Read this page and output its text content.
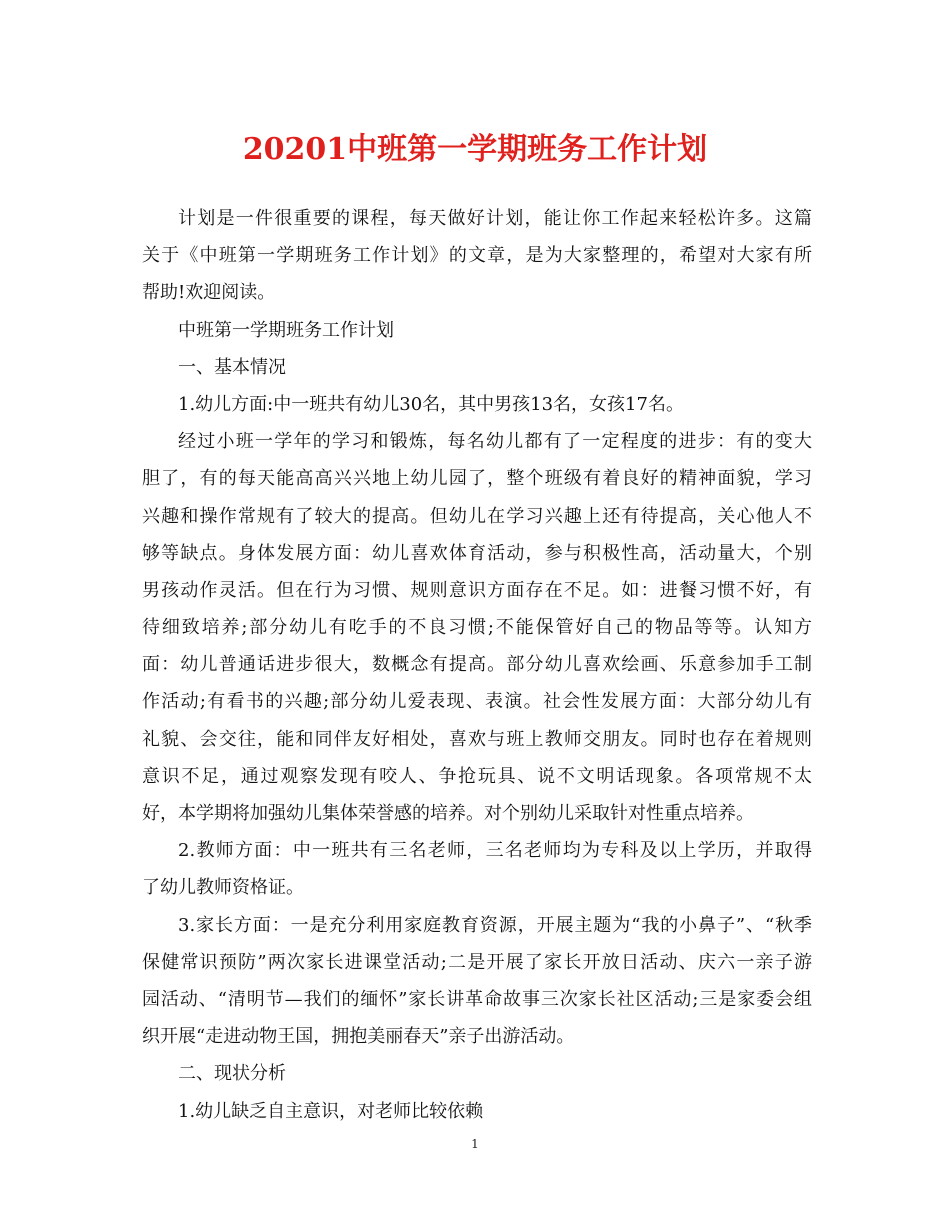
20201中班第一学期班务工作计划
计划是一件很重要的课程，每天做好计划，能让你工作起来轻松许多。这篇
关于《中班第一学期班务工作计划》的文章，是为大家整理的，希望对大家有所
帮助!欢迎阅读。
中班第一学期班务工作计划
一、基本情况
1.幼儿方面:中一班共有幼儿30名，其中男孩13名，女孩17名。
经过小班一学年的学习和锻炼，每名幼儿都有了一定程度的进步：有的变大
胆了，有的每天能高高兴兴地上幼儿园了，整个班级有着良好的精神面貌，学习
兴趣和操作常规有了较大的提高。但幼儿在学习兴趣上还有待提高，关心他人不
够等缺点。身体发展方面：幼儿喜欢体育活动，参与积极性高，活动量大，个别
男孩动作灵活。但在行为习惯、规则意识方面存在不足。如：进餐习惯不好，有
待细致培养;部分幼儿有吃手的不良习惯;不能保管好自己的物品等等。认知方
面：幼儿普通话进步很大，数概念有提高。部分幼儿喜欢绘画、乐意参加手工制
作活动;有看书的兴趣;部分幼儿爱表现、表演。社会性发展方面：大部分幼儿有
礼貌、会交往，能和同伴友好相处，喜欢与班上教师交朋友。同时也存在着规则
意识不足，通过观察发现有咬人、争抢玩具、说不文明话现象。各项常规不太
好，本学期将加强幼儿集体荣誉感的培养。对个别幼儿采取针对性重点培养。
2.教师方面：中一班共有三名老师，三名老师均为专科及以上学历，并取得
了幼儿教师资格证。
3.家长方面：一是充分利用家庭教育资源，开展主题为“我的小鼻子”、“秋季
保健常识预防”两次家长进课堂活动;二是开展了家长开放日活动、庆六一亲子游
园活动、“清明节—我们的缅怀”家长讲革命故事三次家长社区活动;三是家委会组
织开展“走进动物王国，拥抱美丽春天”亲子出游活动。
二、现状分析
1.幼儿缺乏自主意识，对老师比较依赖
1
